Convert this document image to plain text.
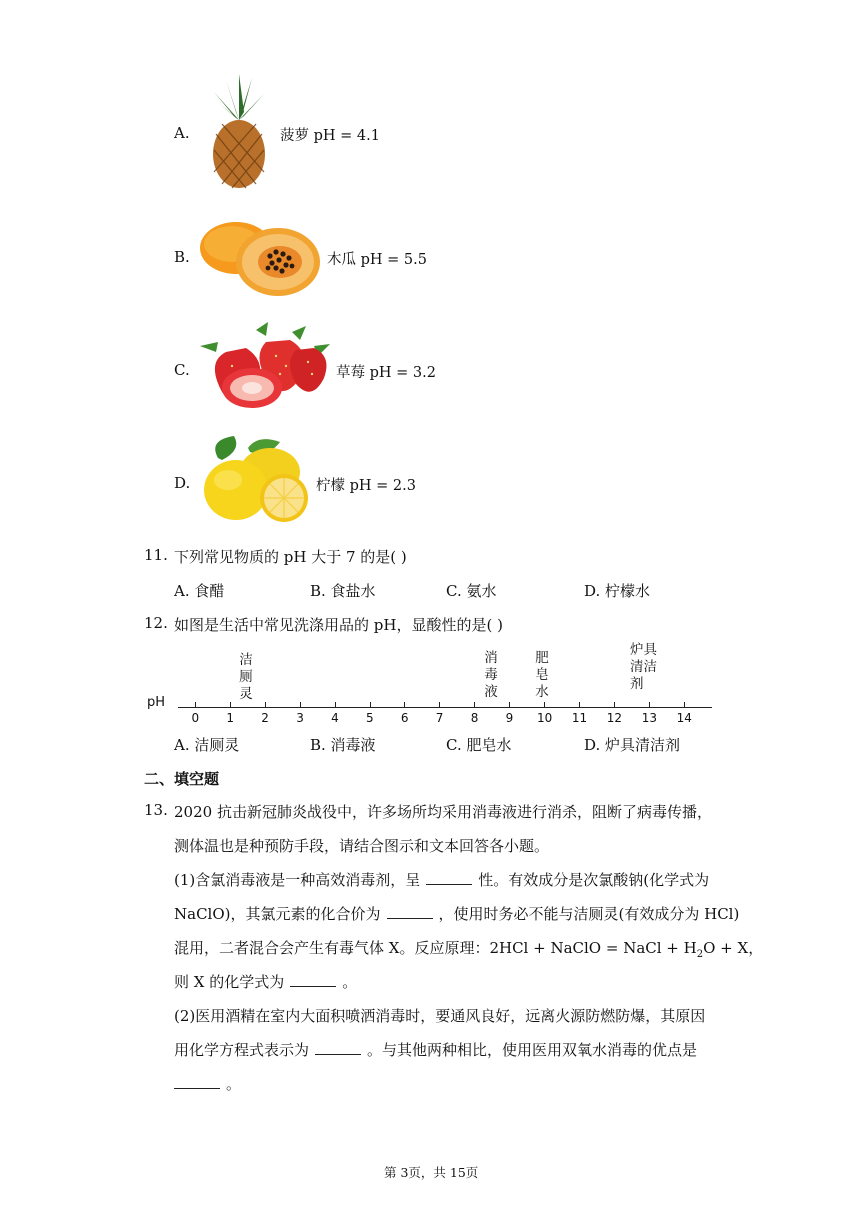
A.	菠萝 pH = 4.1
B.	木瓜 pH = 5.5
C.	草莓 pH = 3.2
D.	柠檬 pH = 2.3
11. 下列常见物质的 pH 大于 7 的是( )
A. 食醋	B. 食盐水	C. 氨水	D. 柠檬水
12. 如图是生活中常见洗涤用品的 pH，显酸性的是( )
pH
0 1 2 3 4 5 6 7 8 9 10 11 12 13 14
洁
厕
灵
消
毒
液
肥
皂
水
炉具
清洁
剂
A. 洁厕灵	B. 消毒液	C. 肥皂水	D. 炉具清洁剂
二、填空题
13. 2020 抗击新冠肺炎战役中，许多场所均采用消毒液进行消杀，阻断了病毒传播，
测体温也是种预防手段，请结合图示和文本回答各小题。
(1)含氯消毒液是一种高效消毒剂，呈	性。有效成分是次氯酸钠(化学式为
NaClO)，其氯元素的化合价为	，使用时务必不能与洁厕灵(有效成分为 HCl)
混用，二者混合会产生有毒气体 X。反应原理：2HCl + NaClO = NaCl + $H_2O + X$，
则 X 的化学式为	。
(2)医用酒精在室内大面积喷洒消毒时，要通风良好，远离火源防燃防爆，其原因
用化学方程式表示为	。与其他两种相比，使用医用双氧水消毒的优点是
。
第 3页，共 15页
